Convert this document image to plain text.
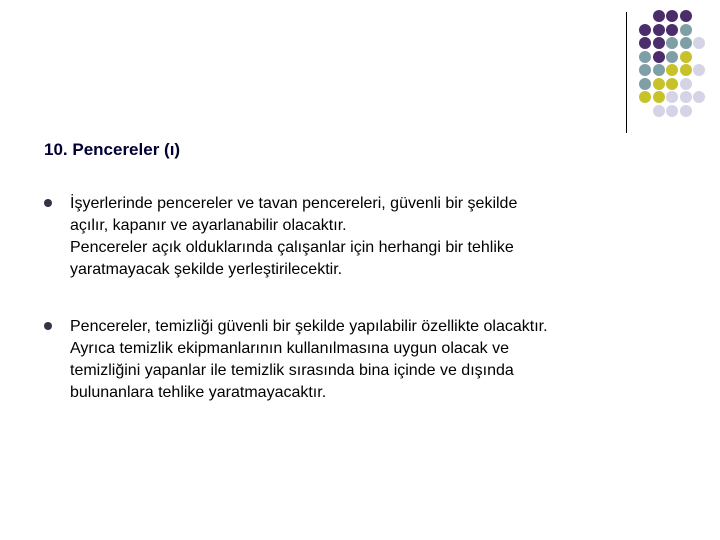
10. Pencereler (ı)
İşyerlerinde pencereler ve tavan pencereleri, güvenli bir şekilde
açılır, kapanır ve ayarlanabilir olacaktır.
Pencereler açık olduklarında çalışanlar için herhangi bir tehlike
yaratmayacak şekilde yerleştirilecektir.
Pencereler, temizliği güvenli bir şekilde yapılabilir özellikte olacaktır.
Ayrıca temizlik ekipmanlarının kullanılmasına uygun olacak ve
temizliğini yapanlar ile temizlik sırasında bina içinde ve dışında
bulunanlara tehlike yaratmayacaktır.
